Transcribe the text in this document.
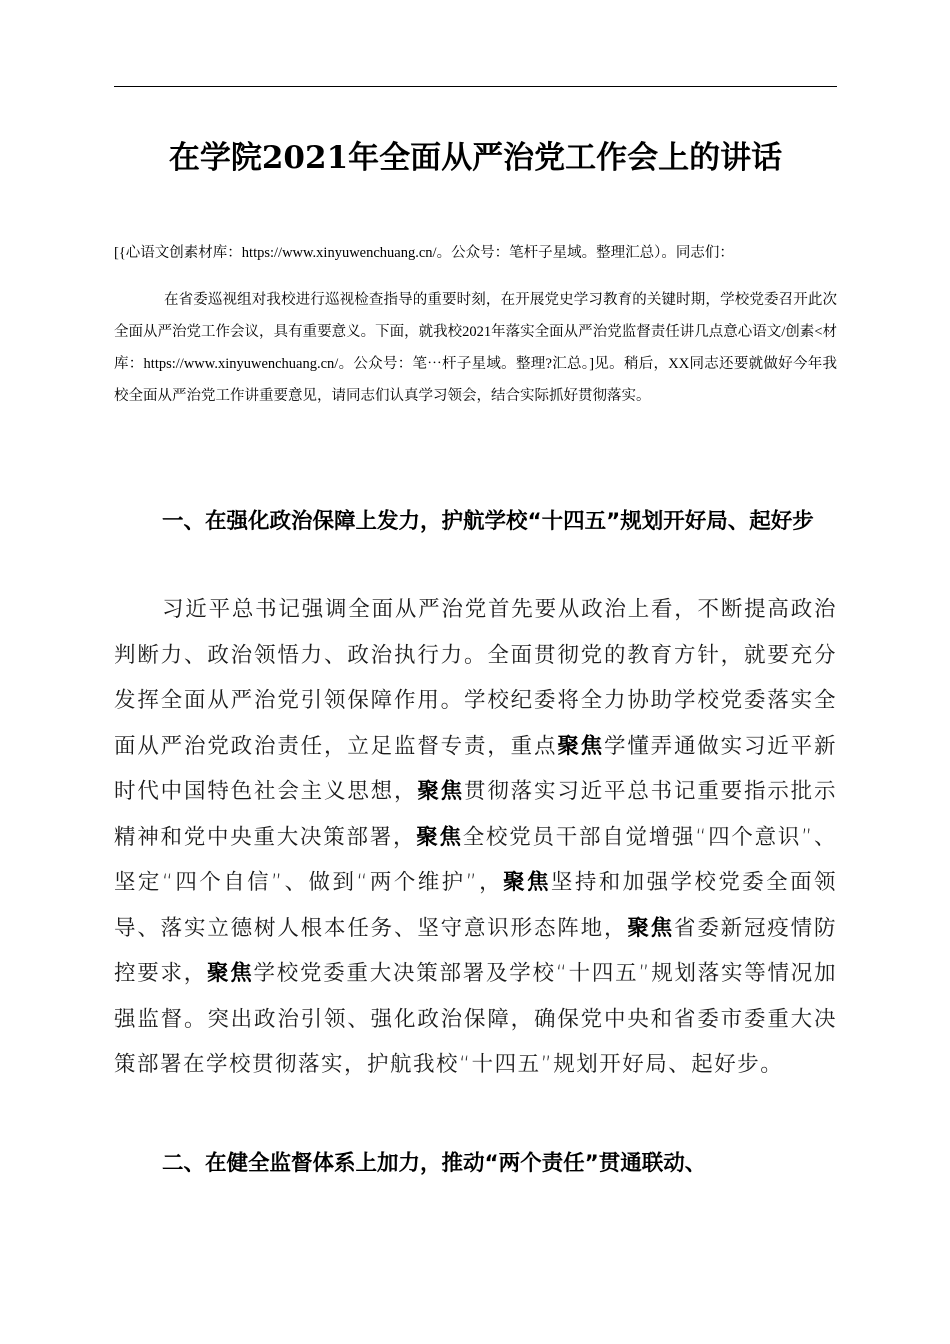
在学院2021年全面从严治党工作会上的讲话

[{心语文创素材库：https://www.xinyuwenchuang.cn/。公众号：笔杆子星域。整理汇总）。同志们：

在省委巡视组对我校进行巡视检查指导的重要时刻，在开展党史学习教育的关键时期，学校党委召开此次全面从严治党工作会议，具有重要意义。下面，就我校2021年落实全面从严治党监督责任讲几点意心语文/创素<材库：https://www.xinyuwenchuang.cn/。公众号：笔⋯杆子星域。整理?汇总。]见。稍后，XX同志还要就做好今年我校全面从严治党工作讲重要意见，请同志们认真学习领会，结合实际抓好贯彻落实。

一、在强化政治保障上发力，护航学校“十四五”规划开好局、起好步

习近平总书记强调全面从严治党首先要从政治上看，不断提高政治判断力、政治领悟力、政治执行力。全面贯彻党的教育方针，就要充分发挥全面从严治党引领保障作用。学校纪委将全力协助学校党委落实全面从严治党政治责任，立足监督专责，重点聚焦学懂弄通做实习近平新时代中国特色社会主义思想，聚焦贯彻落实习近平总书记重要指示批示精神和党中央重大决策部署，聚焦全校党员干部自觉增强“四个意识”、坚定“四个自信”、做到“两个维护”，聚焦坚持和加强学校党委全面领导、落实立德树人根本任务、坚守意识形态阵地，聚焦省委新冠疫情防控要求，聚焦学校党委重大决策部署及学校“十四五”规划落实等情况加强监督。突出政治引领、强化政治保障，确保党中央和省委市委重大决策部署在学校贯彻落实，护航我校“十四五”规划开好局、起好步。

二、在健全监督体系上加力，推动“两个责任”贯通联动、
